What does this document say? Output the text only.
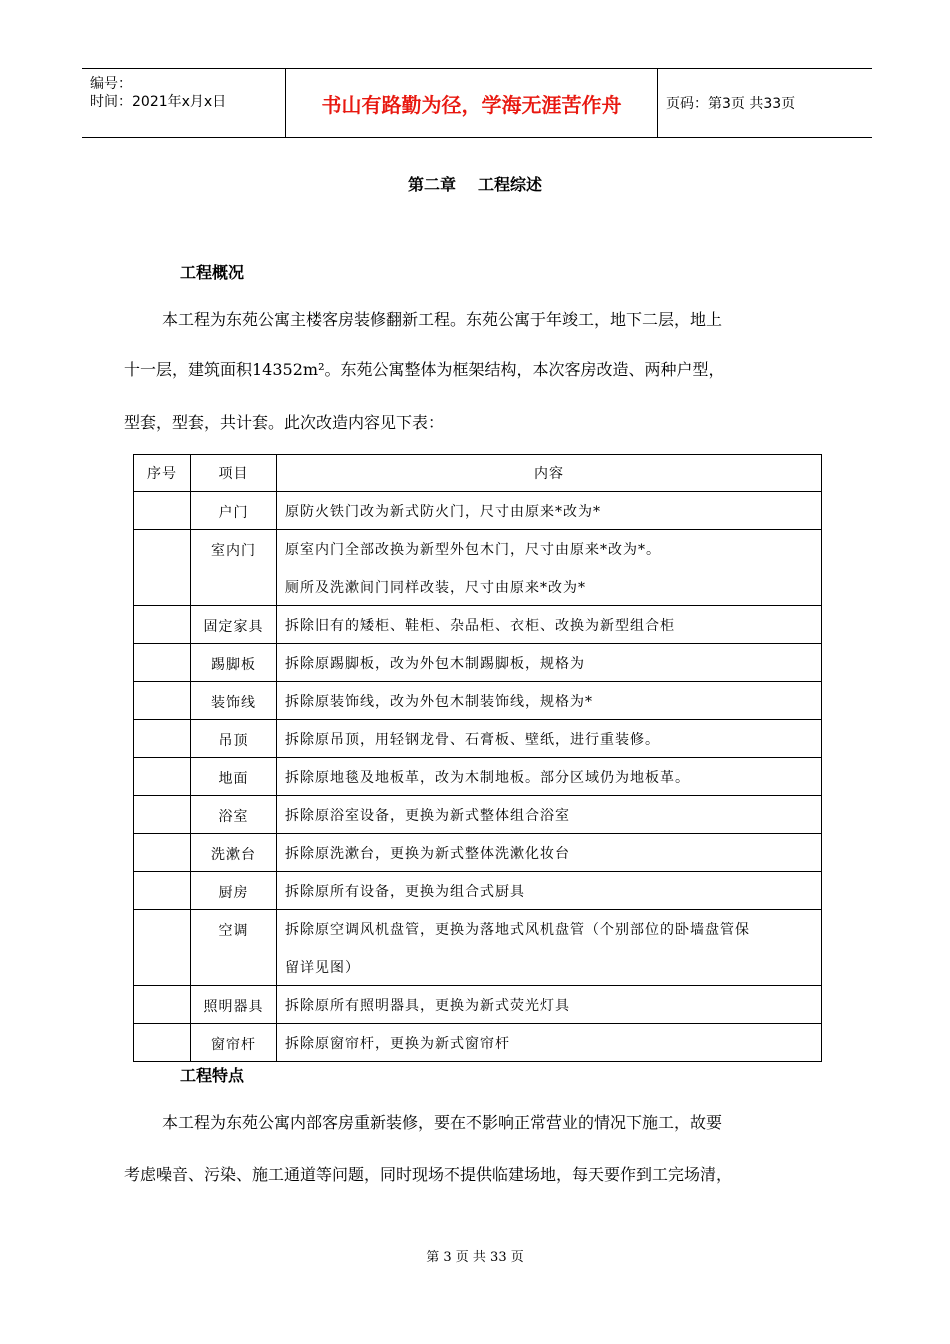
编号：
时间：2021年x月x日	书山有路勤为径，学海无涯苦作舟	页码：第3页 共33页
第二章 工程综述
工程概况
本工程为东苑公寓主楼客房装修翻新工程。东苑公寓于年竣工，地下二层，地上
十一层，建筑面积14352m²。东苑公寓整体为框架结构，本次客房改造、两种户型，
型套，型套，共计套。此次改造内容见下表：
序号	项目	内容
	户门	原防火铁门改为新式防火门，尺寸由原来*改为*

	室内门	原室内门全部改换为新型外包木门，尺寸由原来*改为*。
厕所及洗漱间门同样改装，尺寸由原来*改为*

	固定家具	拆除旧有的矮柜、鞋柜、杂品柜、衣柜、改换为新型组合柜

	踢脚板	拆除原踢脚板，改为外包木制踢脚板，规格为

	装饰线	拆除原装饰线，改为外包木制装饰线，规格为*

	吊顶	拆除原吊顶，用轻钢龙骨、石膏板、壁纸，进行重装修。

	地面	拆除原地毯及地板革，改为木制地板。部分区域仍为地板革。

	浴室	拆除原浴室设备，更换为新式整体组合浴室

	洗漱台	拆除原洗漱台，更换为新式整体洗漱化妆台

	厨房	拆除原所有设备，更换为组合式厨具

	空调	拆除原空调风机盘管，更换为落地式风机盘管（个别部位的卧墙盘管保
留详见图）

	照明器具	拆除原所有照明器具，更换为新式荧光灯具

	窗帘杆	拆除原窗帘杆，更换为新式窗帘杆
工程特点
本工程为东苑公寓内部客房重新装修，要在不影响正常营业的情况下施工，故要
考虑噪音、污染、施工通道等问题，同时现场不提供临建场地，每天要作到工完场清，
第 3 页 共 33 页
